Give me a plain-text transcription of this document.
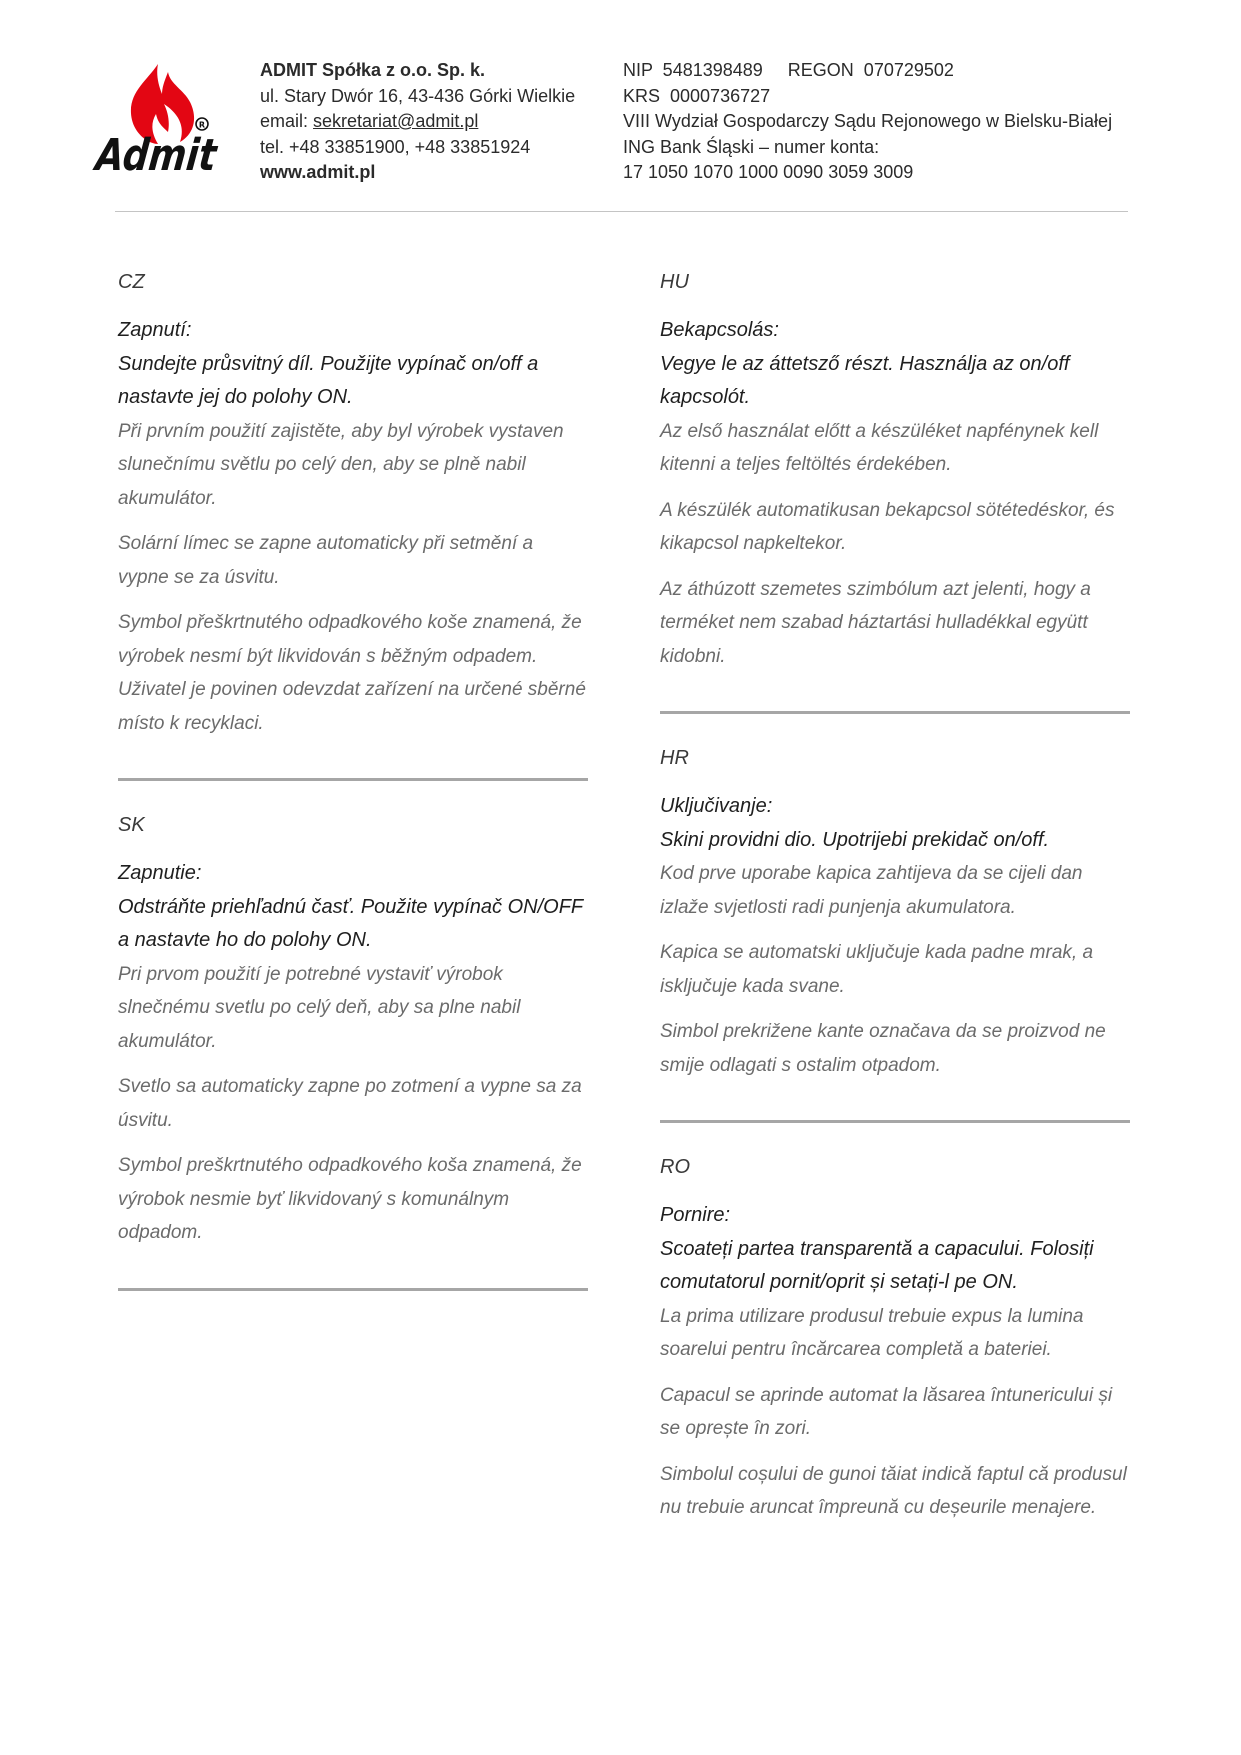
R
Admit
ADMIT Spółka z o.o. Sp. k.
ul. Stary Dwór 16, 43-436 Górki Wielkie
email: sekretariat@admit.pl
tel. +48 33851900, +48 33851924
www.admit.pl
NIP  5481398489     REGON  070729502
KRS  0000736727
VIII Wydział Gospodarczy Sądu Rejonowego w Bielsku-Białej
ING Bank Śląski – numer konta:
17 1050 1070 1000 0090 3059 3009

CZ

Zapnutí:

Sundejte průsvitný díl. Použijte vypínač on/off a nastavte jej do polohy ON.

Při prvním použití zajistěte, aby byl výrobek vystaven slunečnímu světlu po celý den, aby se plně nabil akumulátor.

Solární límec se zapne automaticky při setmění a vypne se za úsvitu.

Symbol přeškrtnutého odpadkového koše znamená, že výrobek nesmí být likvidován s běžným odpadem. Uživatel je povinen odevzdat zařízení na určené sběrné místo k recyklaci.

SK

Zapnutie:

Odstráňte priehľadnú časť. Použite vypínač ON/OFF a nastavte ho do polohy ON.

Pri prvom použití je potrebné vystaviť výrobok slnečnému svetlu po celý deň, aby sa plne nabil akumulátor.

Svetlo sa automaticky zapne po zotmení a vypne sa za úsvitu.

Symbol preškrtnutého odpadkového koša znamená, že výrobok nesmie byť likvidovaný s komunálnym odpadom.

HU

Bekapcsolás:

Vegye le az áttetsző részt. Használja az on/off kapcsolót.

Az első használat előtt a készüléket napfénynek kell kitenni a teljes feltöltés érdekében.

A készülék automatikusan bekapcsol sötétedéskor, és kikapcsol napkeltekor.

Az áthúzott szemetes szimbólum azt jelenti, hogy a terméket nem szabad háztartási hulladékkal együtt kidobni.

HR

Uključivanje:

Skini providni dio. Upotrijebi prekidač on/off.

Kod prve uporabe kapica zahtijeva da se cijeli dan izlaže svjetlosti radi punjenja akumulatora.

Kapica se automatski uključuje kada padne mrak, a isključuje kada svane.

Simbol prekrižene kante označava da se proizvod ne smije odlagati s ostalim otpadom.

RO

Pornire:

Scoateți partea transparentă a capacului. Folosiți comutatorul pornit/oprit și setați-l pe ON.

La prima utilizare produsul trebuie expus la lumina soarelui pentru încărcarea completă a bateriei.

Capacul se aprinde automat la lăsarea întunericului și se oprește în zori.

Simbolul coșului de gunoi tăiat indică faptul că produsul nu trebuie aruncat împreună cu deșeurile menajere.
